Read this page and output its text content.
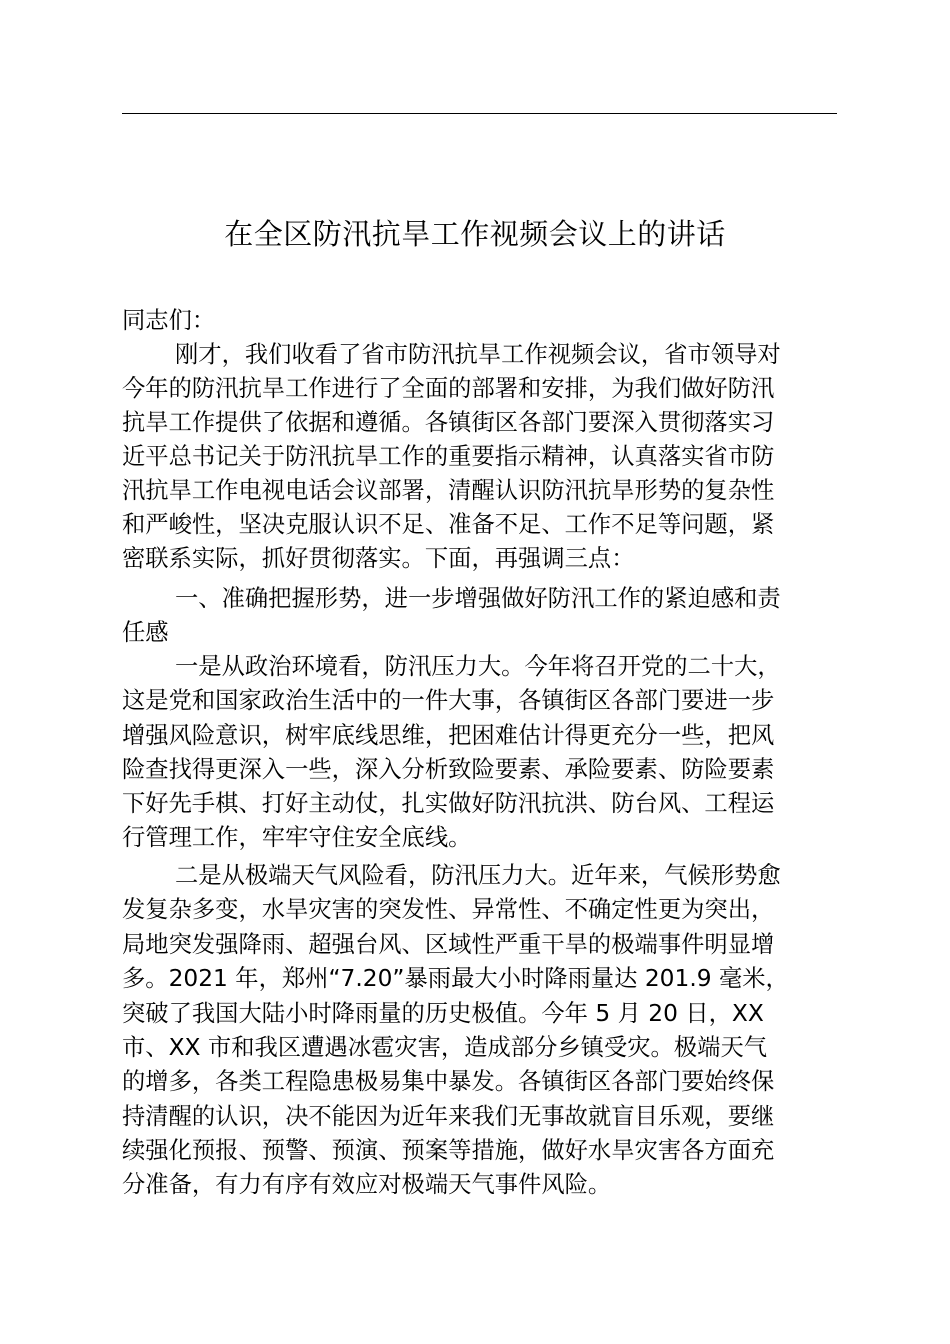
在全区防汛抗旱工作视频会议上的讲话

同志们：

刚才，我们收看了省市防汛抗旱工作视频会议，省市领导对

今年的防汛抗旱工作进行了全面的部署和安排，为我们做好防汛

抗旱工作提供了依据和遵循。各镇街区各部门要深入贯彻落实习

近平总书记关于防汛抗旱工作的重要指示精神，认真落实省市防

汛抗旱工作电视电话会议部署，清醒认识防汛抗旱形势的复杂性

和严峻性，坚决克服认识不足、准备不足、工作不足等问题，紧

密联系实际，抓好贯彻落实。下面，再强调三点：

一、准确把握形势，进一步增强做好防汛工作的紧迫感和责

任感

一是从政治环境看，防汛压力大。今年将召开党的二十大，

这是党和国家政治生活中的一件大事，各镇街区各部门要进一步

增强风险意识，树牢底线思维，把困难估计得更充分一些，把风

险查找得更深入一些，深入分析致险要素、承险要素、防险要素

下好先手棋、打好主动仗，扎实做好防汛抗洪、防台风、工程运

行管理工作，牢牢守住安全底线。

二是从极端天气风险看，防汛压力大。近年来，气候形势愈

发复杂多变，水旱灾害的突发性、异常性、不确定性更为突出，

局地突发强降雨、超强台风、区域性严重干旱的极端事件明显增

多。2021 年，郑州“7.20”暴雨最大小时降雨量达 201.9 毫米，

突破了我国大陆小时降雨量的历史极值。今年 5 月 20 日，XX

市、XX 市和我区遭遇冰雹灾害，造成部分乡镇受灾。极端天气

的增多，各类工程隐患极易集中暴发。各镇街区各部门要始终保

持清醒的认识，决不能因为近年来我们无事故就盲目乐观，要继

续强化预报、预警、预演、预案等措施，做好水旱灾害各方面充

分准备，有力有序有效应对极端天气事件风险。
